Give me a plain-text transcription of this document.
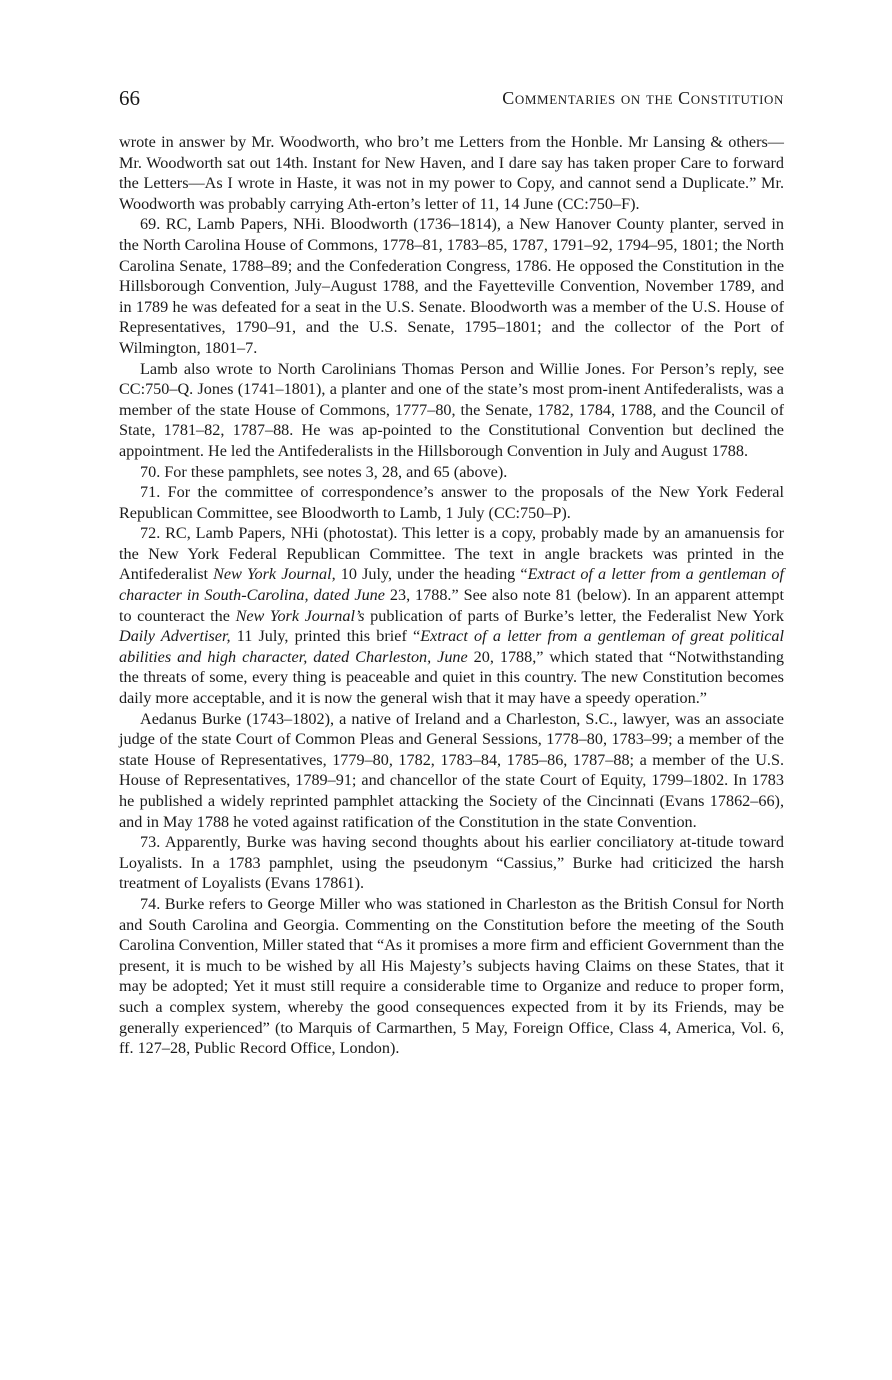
66	Commentaries on the Constitution

wrote in answer by Mr. Woodworth, who bro’t me Letters from the Honble. Mr Lansing & others—Mr. Woodworth sat out 14th. Instant for New Haven, and I dare say has taken proper Care to forward the Letters—As I wrote in Haste, it was not in my power to Copy, and cannot send a Duplicate.” Mr. Woodworth was probably carrying Ath-erton’s letter of 11, 14 June (CC:750–F).

69. RC, Lamb Papers, NHi. Bloodworth (1736–1814), a New Hanover County planter, served in the North Carolina House of Commons, 1778–81, 1783–85, 1787, 1791–92, 1794–95, 1801; the North Carolina Senate, 1788–89; and the Confederation Congress, 1786. He opposed the Constitution in the Hillsborough Convention, July–August 1788, and the Fayetteville Convention, November 1789, and in 1789 he was defeated for a seat in the U.S. Senate. Bloodworth was a member of the U.S. House of Representatives, 1790–91, and the U.S. Senate, 1795–1801; and the collector of the Port of Wilmington, 1801–7.

Lamb also wrote to North Carolinians Thomas Person and Willie Jones. For Person’s reply, see CC:750–Q. Jones (1741–1801), a planter and one of the state’s most prom-inent Antifederalists, was a member of the state House of Commons, 1777–80, the Senate, 1782, 1784, 1788, and the Council of State, 1781–82, 1787–88. He was ap-pointed to the Constitutional Convention but declined the appointment. He led the Antifederalists in the Hillsborough Convention in July and August 1788.

70. For these pamphlets, see notes 3, 28, and 65 (above).

71. For the committee of correspondence’s answer to the proposals of the New York Federal Republican Committee, see Bloodworth to Lamb, 1 July (CC:750–P).

72. RC, Lamb Papers, NHi (photostat). This letter is a copy, probably made by an amanuensis for the New York Federal Republican Committee. The text in angle brackets was printed in the Antifederalist New York Journal, 10 July, under the heading “Extract of a letter from a gentleman of character in South-Carolina, dated June 23, 1788.” See also note 81 (below). In an apparent attempt to counteract the New York Journal’s publication of parts of Burke’s letter, the Federalist New York Daily Advertiser, 11 July, printed this brief “Extract of a letter from a gentleman of great political abilities and high character, dated Charleston, June 20, 1788,” which stated that “Notwithstanding the threats of some, every thing is peaceable and quiet in this country. The new Constitution becomes daily more acceptable, and it is now the general wish that it may have a speedy operation.”

Aedanus Burke (1743–1802), a native of Ireland and a Charleston, S.C., lawyer, was an associate judge of the state Court of Common Pleas and General Sessions, 1778–80, 1783–99; a member of the state House of Representatives, 1779–80, 1782, 1783–84, 1785–86, 1787–88; a member of the U.S. House of Representatives, 1789–91; and chancellor of the state Court of Equity, 1799–1802. In 1783 he published a widely reprinted pamphlet attacking the Society of the Cincinnati (Evans 17862–66), and in May 1788 he voted against ratification of the Constitution in the state Convention.

73. Apparently, Burke was having second thoughts about his earlier conciliatory at-titude toward Loyalists. In a 1783 pamphlet, using the pseudonym “Cassius,” Burke had criticized the harsh treatment of Loyalists (Evans 17861).

74. Burke refers to George Miller who was stationed in Charleston as the British Consul for North and South Carolina and Georgia. Commenting on the Constitution before the meeting of the South Carolina Convention, Miller stated that “As it promises a more firm and efficient Government than the present, it is much to be wished by all His Majesty’s subjects having Claims on these States, that it may be adopted; Yet it must still require a considerable time to Organize and reduce to proper form, such a complex system, whereby the good consequences expected from it by its Friends, may be generally experienced” (to Marquis of Carmarthen, 5 May, Foreign Office, Class 4, America, Vol. 6, ff. 127–28, Public Record Office, London).
